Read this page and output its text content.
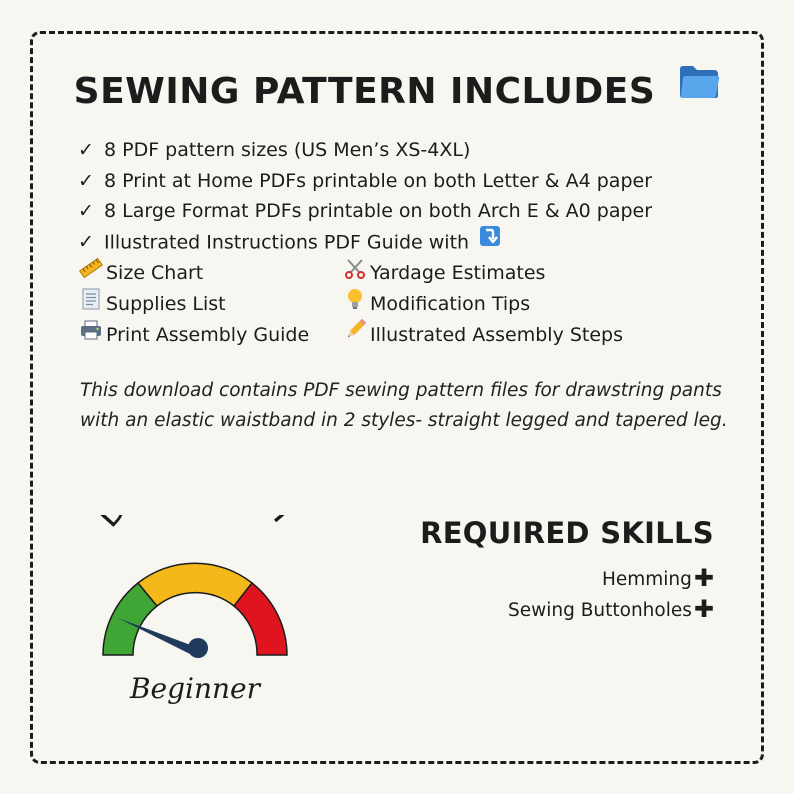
SEWING PATTERN INCLUDES
✓ 8 PDF pattern sizes (US Men’s XS-4XL)
✓ 8 Print at Home PDFs printable on both Letter & A4 paper
✓ 8 Large Format PDFs printable on both Arch E & A0 paper
✓ Illustrated Instructions PDF Guide with
Size Chart	Yardage Estimates
Supplies List	Modification Tips
Print Assembly Guide	Illustrated Assembly Steps
This download contains PDF sewing pattern files for drawstring pants with an elastic waistband in 2 styles- straight legged and tapered leg.
Beginner
REQUIRED SKILLS
Hemming✚
Sewing Buttonholes✚
